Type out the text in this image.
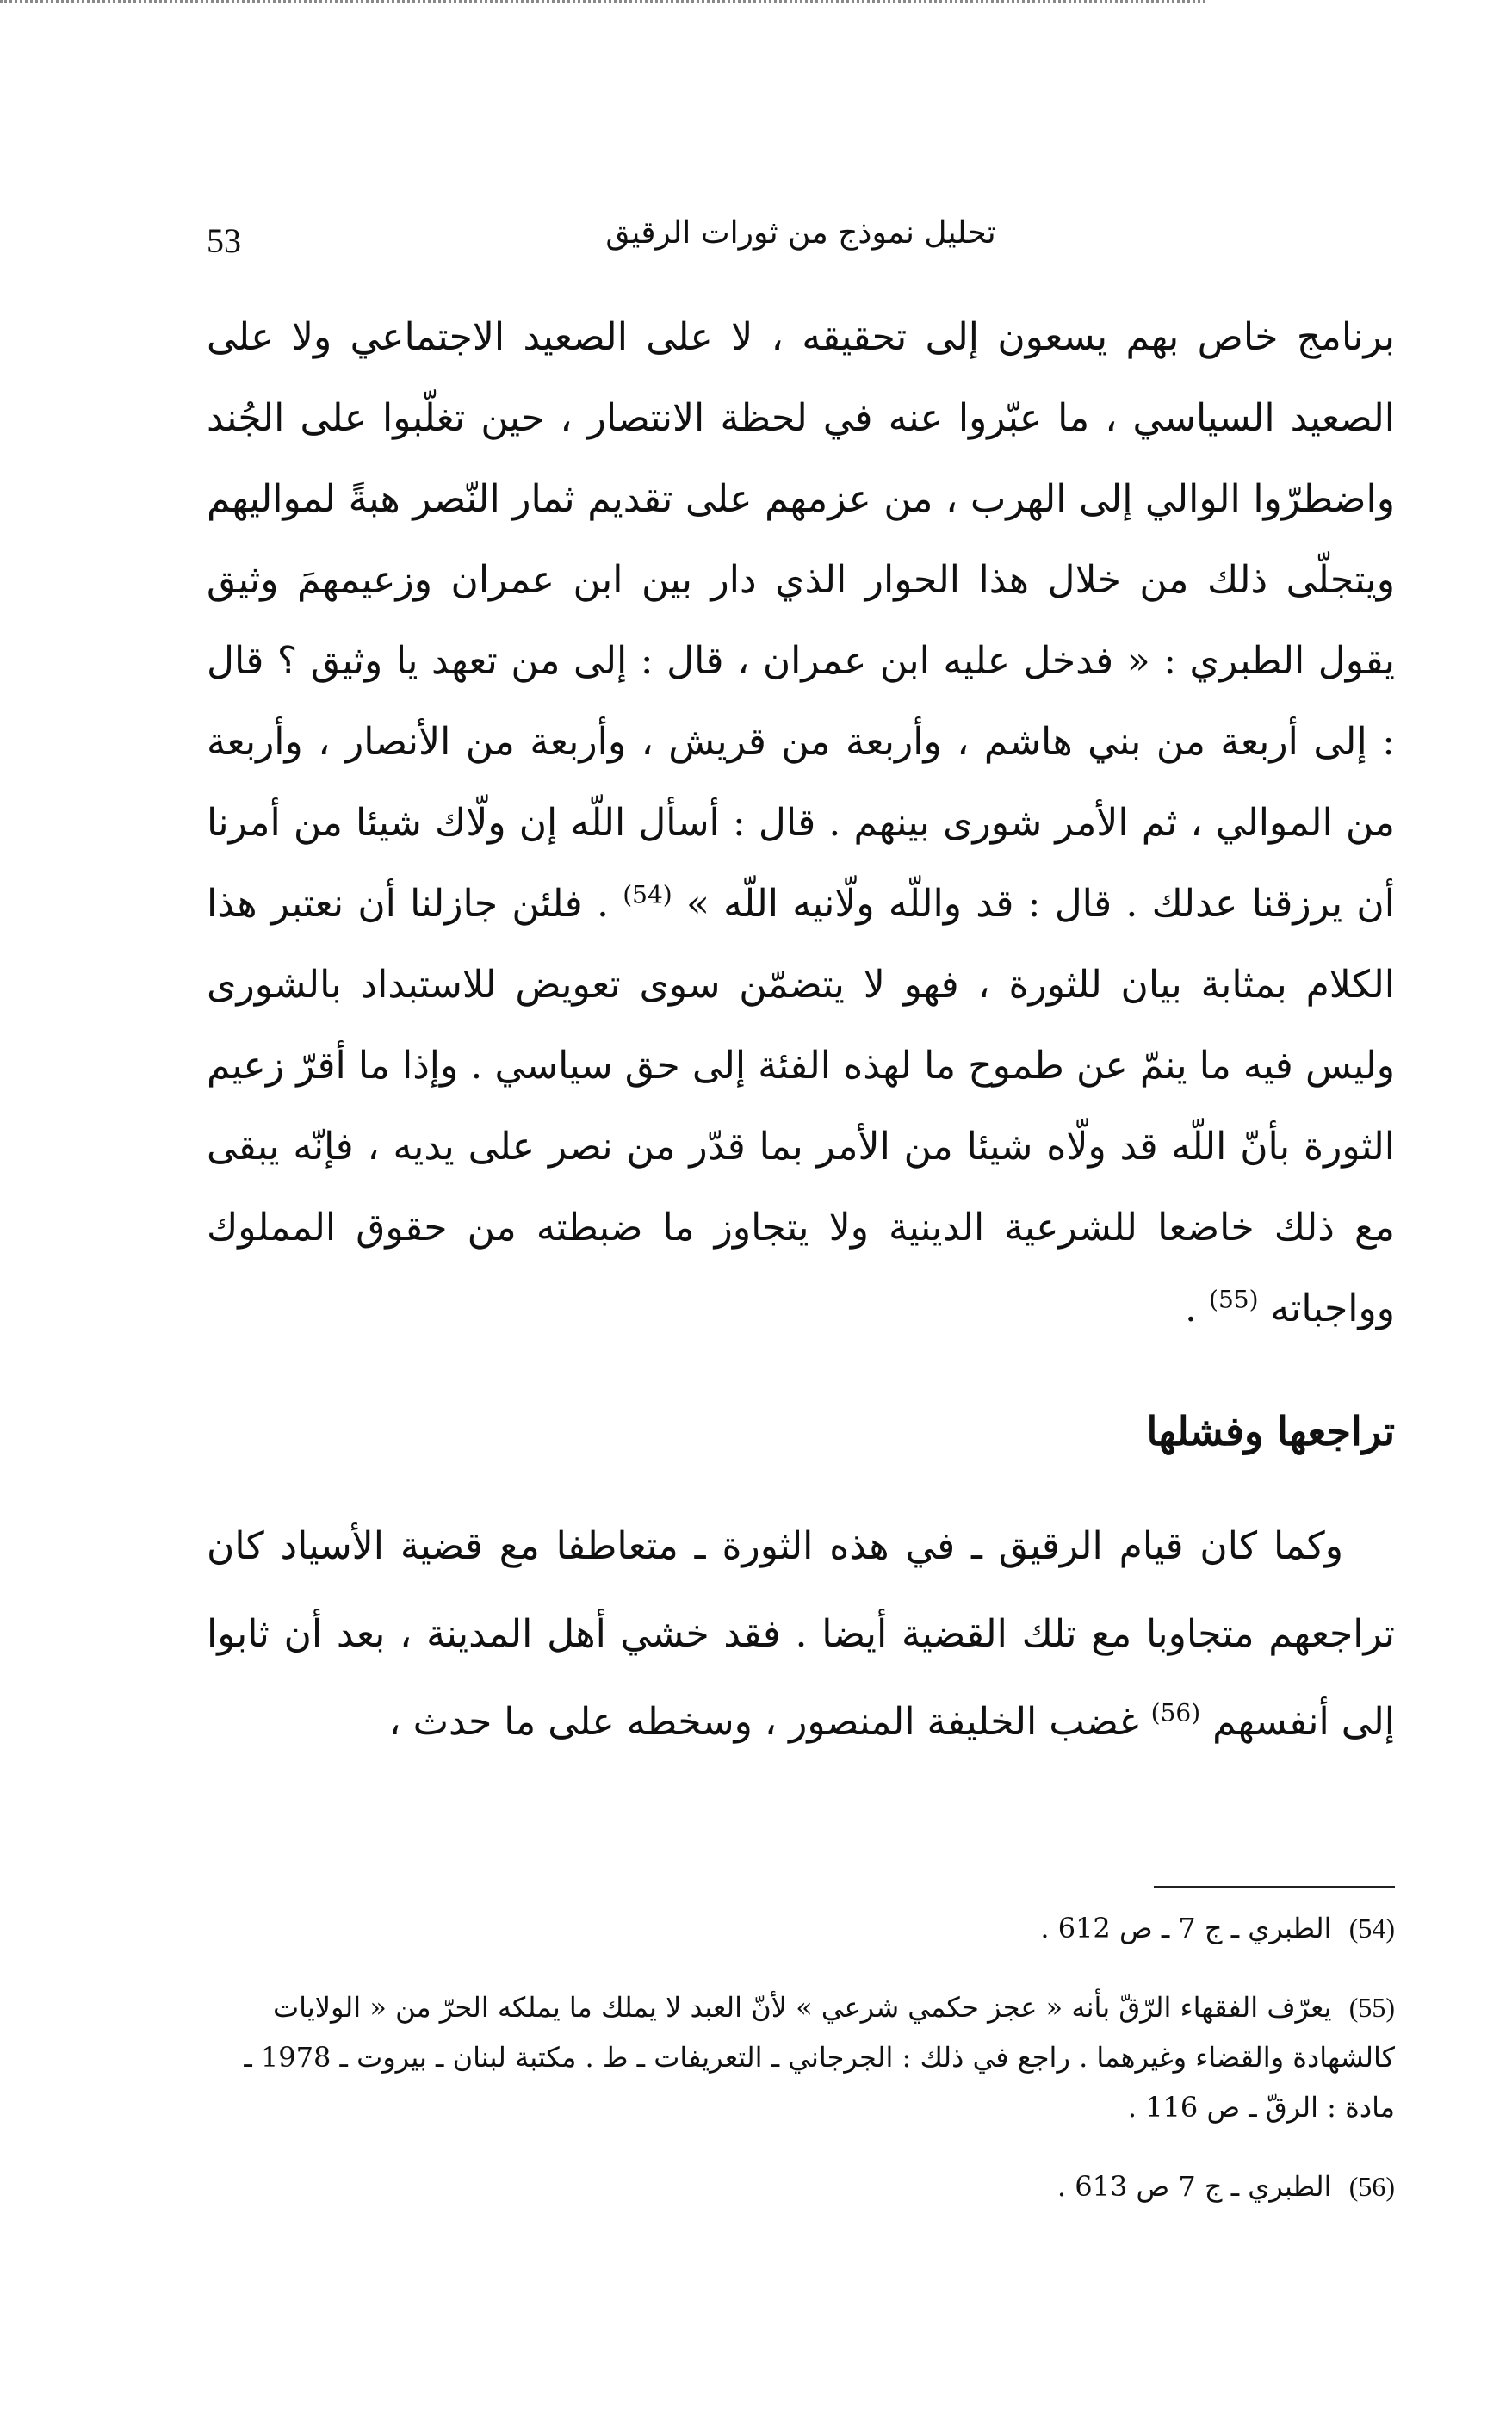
53	تحليل نموذج من ثورات الرقيق

برنامج خاص بهم يسعون إلى تحقيقه ، لا على الصعيد الاجتماعي ولا على الصعيد السياسي ، ما عبّروا عنه في لحظة الانتصار ، حين تغلّبوا على الجُند واضطرّوا الوالي إلى الهرب ، من عزمهم على تقديم ثمار النّصر هبةً لمواليهم ويتجلّى ذلك من خلال هذا الحوار الذي دار بين ابن عمران وزعيمهمَ وثيق يقول الطبري : « فدخل عليه ابن عمران ، قال : إلى من تعهد يا وثيق ؟ قال : إلى أربعة من بني هاشم ، وأربعة من قريش ، وأربعة من الأنصار ، وأربعة من الموالي ، ثم الأمر شورى بينهم . قال : أسأل اللّه إن ولّاك شيئا من أمرنا أن يرزقنا عدلك . قال : قد واللّه ولّانيه اللّه » $^{(54)}$ . فلئن جازلنا أن نعتبر هذا الكلام بمثابة بيان للثورة ، فهو لا يتضمّن سوى تعويض للاستبداد بالشورى وليس فيه ما ينمّ عن طموح ما لهذه الفئة إلى حق سياسي . وإذا ما أقرّ زعيم الثورة بأنّ اللّه قد ولّاه شيئا من الأمر بما قدّر من نصر على يديه ، فإنّه يبقى مع ذلك خاضعا للشرعية الدينية ولا يتجاوز ما ضبطته من حقوق المملوك وواجباته $^{(55)}$ .

تراجعها وفشلها

وكما كان قيام الرقيق ـ في هذه الثورة ـ متعاطفا مع قضية الأسياد كان تراجعهم متجاوبا مع تلك القضية أيضا . فقد خشي أهل المدينة ، بعد أن ثابوا إلى أنفسهم $^{(56)}$ غضب الخليفة المنصور ، وسخطه على ما حدث ،

(54) الطبري ـ ج 7 ـ ص 612 .

(55) يعرّف الفقهاء الرّقّ بأنه « عجز حكمي شرعي » لأنّ العبد لا يملك ما يملكه الحرّ من « الولايات كالشهادة والقضاء وغيرهما . راجع في ذلك : الجرجاني ـ التعريفات ـ ط . مكتبة لبنان ـ بيروت ـ 1978 ـ مادة : الرقّ ـ ص 116 .

(56) الطبري ـ ج 7 ص 613 .
